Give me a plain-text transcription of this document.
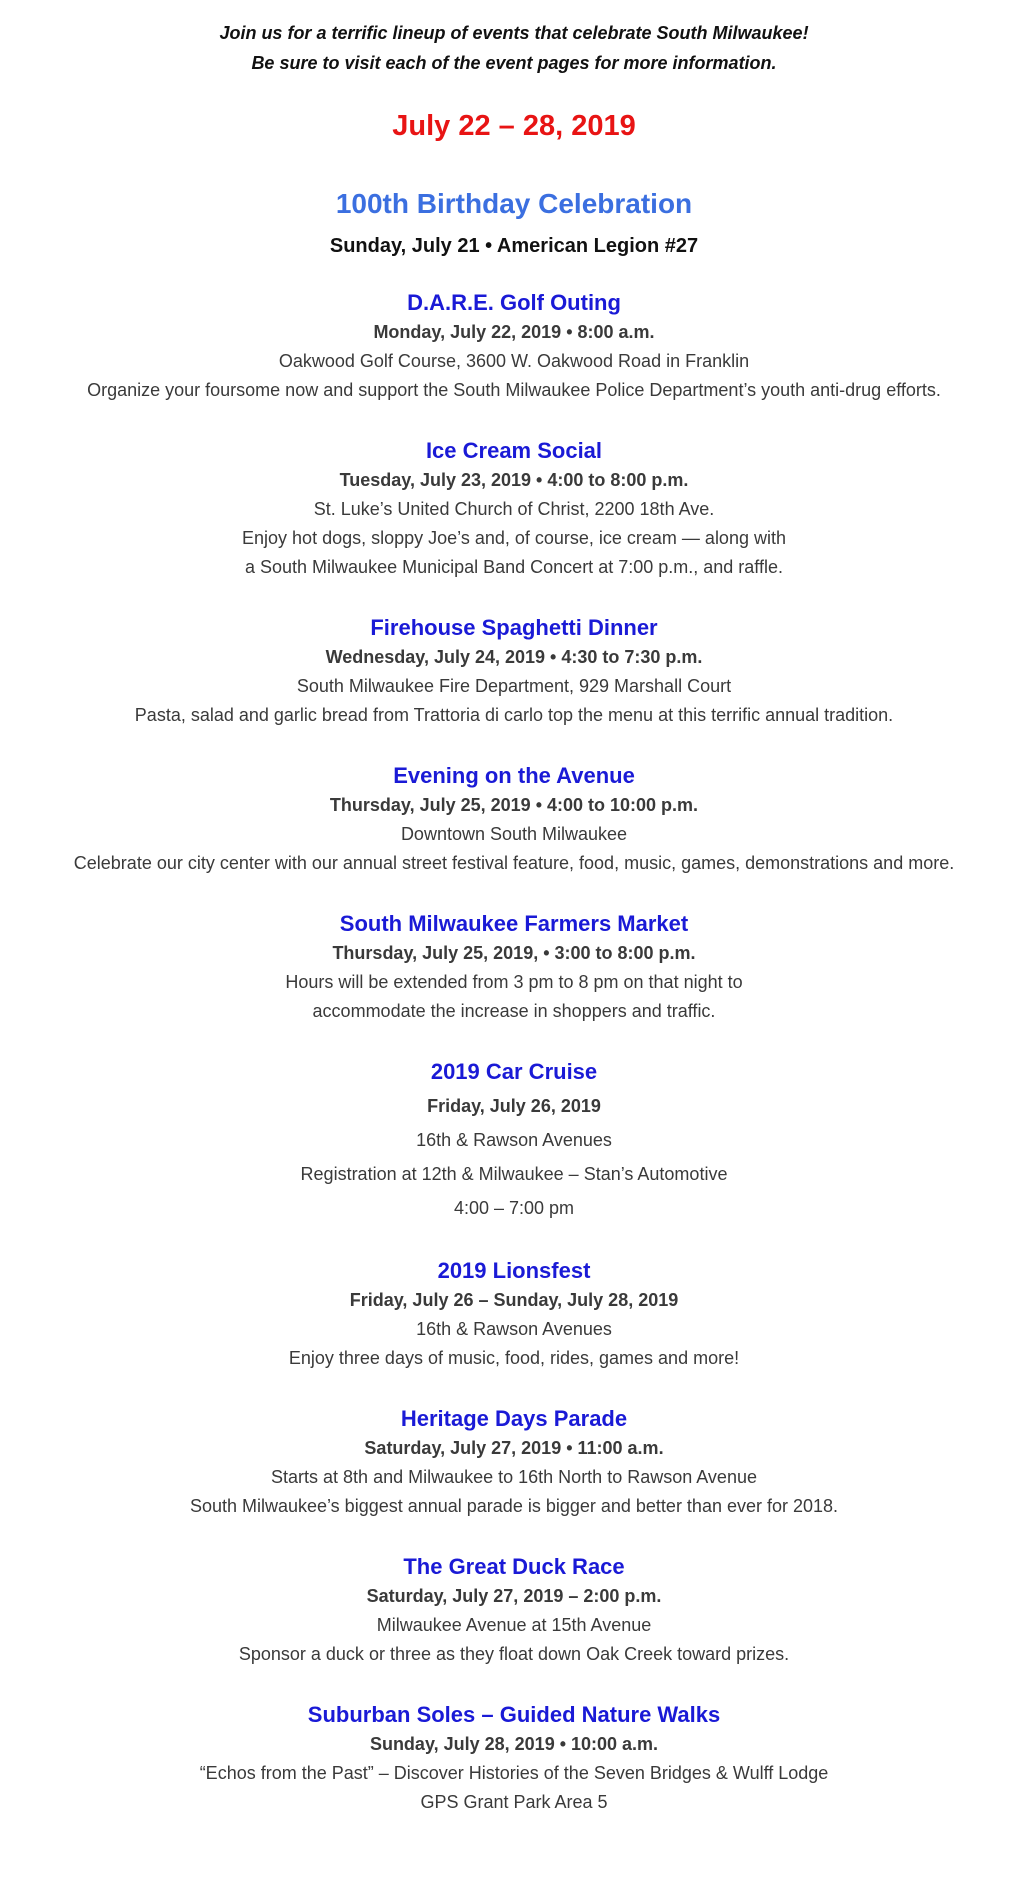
Join us for a terrific lineup of events that celebrate South Milwaukee!

Be sure to visit each of the event pages for more information.

July 22 – 28, 2019
100th Birthday Celebration
Sunday, July 21 • American Legion #27
D.A.R.E. Golf Outing
Monday, July 22, 2019 • 8:00 a.m.
Oakwood Golf Course, 3600 W. Oakwood Road in Franklin
Organize your foursome now and support the South Milwaukee Police Department’s youth anti-drug efforts.
Ice Cream Social
Tuesday, July 23, 2019 • 4:00 to 8:00 p.m.
St. Luke’s United Church of Christ, 2200 18th Ave.
Enjoy hot dogs, sloppy Joe’s and, of course, ice cream — along with
a South Milwaukee Municipal Band Concert at 7:00 p.m., and raffle.
Firehouse Spaghetti Dinner
Wednesday, July 24, 2019 • 4:30 to 7:30 p.m.
South Milwaukee Fire Department, 929 Marshall Court
Pasta, salad and garlic bread from Trattoria di carlo top the menu at this terrific annual tradition.
Evening on the Avenue
Thursday, July 25, 2019 • 4:00 to 10:00 p.m.
Downtown South Milwaukee
Celebrate our city center with our annual street festival feature, food, music, games, demonstrations and more.
South Milwaukee Farmers Market
Thursday, July 25, 2019, • 3:00 to 8:00 p.m.
Hours will be extended from 3 pm to 8 pm on that night to
accommodate the increase in shoppers and traffic.
2019 Car Cruise
Friday, July 26, 2019
16th & Rawson Avenues
Registration at 12th & Milwaukee – Stan’s Automotive
4:00 – 7:00 pm
2019 Lionsfest
Friday, July 26 – Sunday, July 28, 2019
16th & Rawson Avenues
Enjoy three days of music, food, rides, games and more!
Heritage Days Parade
Saturday, July 27, 2019 • 11:00 a.m.
Starts at 8th and Milwaukee to 16th North to Rawson Avenue
South Milwaukee’s biggest annual parade is bigger and better than ever for 2018.
The Great Duck Race
Saturday, July 27, 2019 – 2:00 p.m.
Milwaukee Avenue at 15th Avenue
Sponsor a duck or three as they float down Oak Creek toward prizes.
Suburban Soles – Guided Nature Walks
Sunday, July 28, 2019 • 10:00 a.m.
“Echos from the Past” – Discover Histories of the Seven Bridges & Wulff Lodge
GPS Grant Park Area 5
